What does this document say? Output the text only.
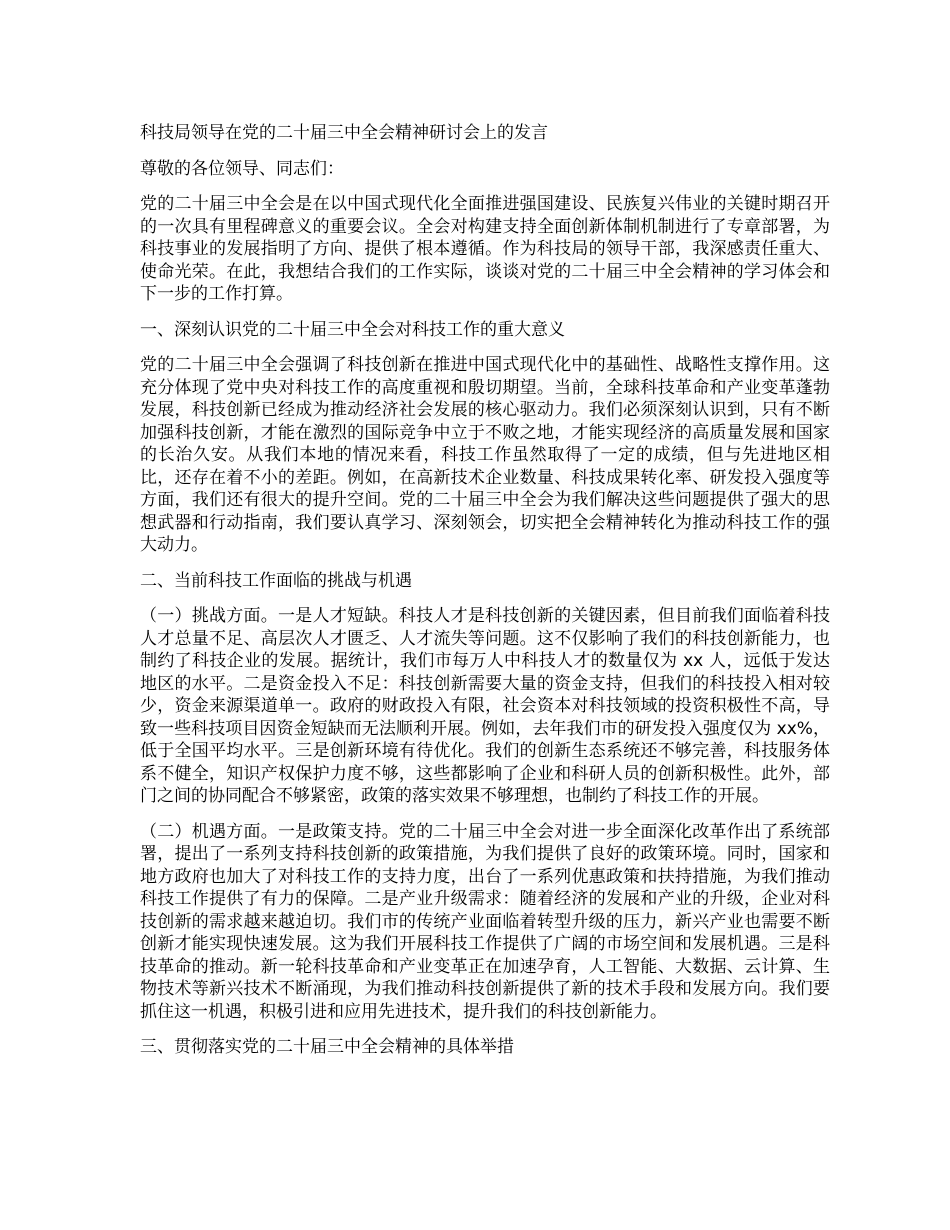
科技局领导在党的二十届三中全会精神研讨会上的发言

尊敬的各位领导、同志们：

党的二十届三中全会是在以中国式现代化全面推进强国建设、民族复兴伟业的关键时期召开的一次具有里程碑意义的重要会议。全会对构建支持全面创新体制机制进行了专章部署，为科技事业的发展指明了方向、提供了根本遵循。作为科技局的领导干部，我深感责任重大、使命光荣。在此，我想结合我们的工作实际，谈谈对党的二十届三中全会精神的学习体会和下一步的工作打算。

一、深刻认识党的二十届三中全会对科技工作的重大意义

党的二十届三中全会强调了科技创新在推进中国式现代化中的基础性、战略性支撑作用。这充分体现了党中央对科技工作的高度重视和殷切期望。当前，全球科技革命和产业变革蓬勃发展，科技创新已经成为推动经济社会发展的核心驱动力。我们必须深刻认识到，只有不断加强科技创新，才能在激烈的国际竞争中立于不败之地，才能实现经济的高质量发展和国家的长治久安。从我们本地的情况来看，科技工作虽然取得了一定的成绩，但与先进地区相比，还存在着不小的差距。例如，在高新技术企业数量、科技成果转化率、研发投入强度等方面，我们还有很大的提升空间。党的二十届三中全会为我们解决这些问题提供了强大的思想武器和行动指南，我们要认真学习、深刻领会，切实把全会精神转化为推动科技工作的强大动力。

二、当前科技工作面临的挑战与机遇

（一）挑战方面。一是人才短缺。科技人才是科技创新的关键因素，但目前我们面临着科技人才总量不足、高层次人才匮乏、人才流失等问题。这不仅影响了我们的科技创新能力，也制约了科技企业的发展。据统计，我们市每万人中科技人才的数量仅为 xx 人，远低于发达地区的水平。二是资金投入不足：科技创新需要大量的资金支持，但我们的科技投入相对较少，资金来源渠道单一。政府的财政投入有限，社会资本对科技领域的投资积极性不高，导致一些科技项目因资金短缺而无法顺利开展。例如，去年我们市的研发投入强度仅为 xx%，低于全国平均水平。三是创新环境有待优化。我们的创新生态系统还不够完善，科技服务体系不健全，知识产权保护力度不够，这些都影响了企业和科研人员的创新积极性。此外，部门之间的协同配合不够紧密，政策的落实效果不够理想，也制约了科技工作的开展。

（二）机遇方面。一是政策支持。党的二十届三中全会对进一步全面深化改革作出了系统部署，提出了一系列支持科技创新的政策措施，为我们提供了良好的政策环境。同时，国家和地方政府也加大了对科技工作的支持力度，出台了一系列优惠政策和扶持措施，为我们推动科技工作提供了有力的保障。二是产业升级需求：随着经济的发展和产业的升级，企业对科技创新的需求越来越迫切。我们市的传统产业面临着转型升级的压力，新兴产业也需要不断创新才能实现快速发展。这为我们开展科技工作提供了广阔的市场空间和发展机遇。三是科技革命的推动。新一轮科技革命和产业变革正在加速孕育，人工智能、大数据、云计算、生物技术等新兴技术不断涌现，为我们推动科技创新提供了新的技术手段和发展方向。我们要抓住这一机遇，积极引进和应用先进技术，提升我们的科技创新能力。

三、贯彻落实党的二十届三中全会精神的具体举措
